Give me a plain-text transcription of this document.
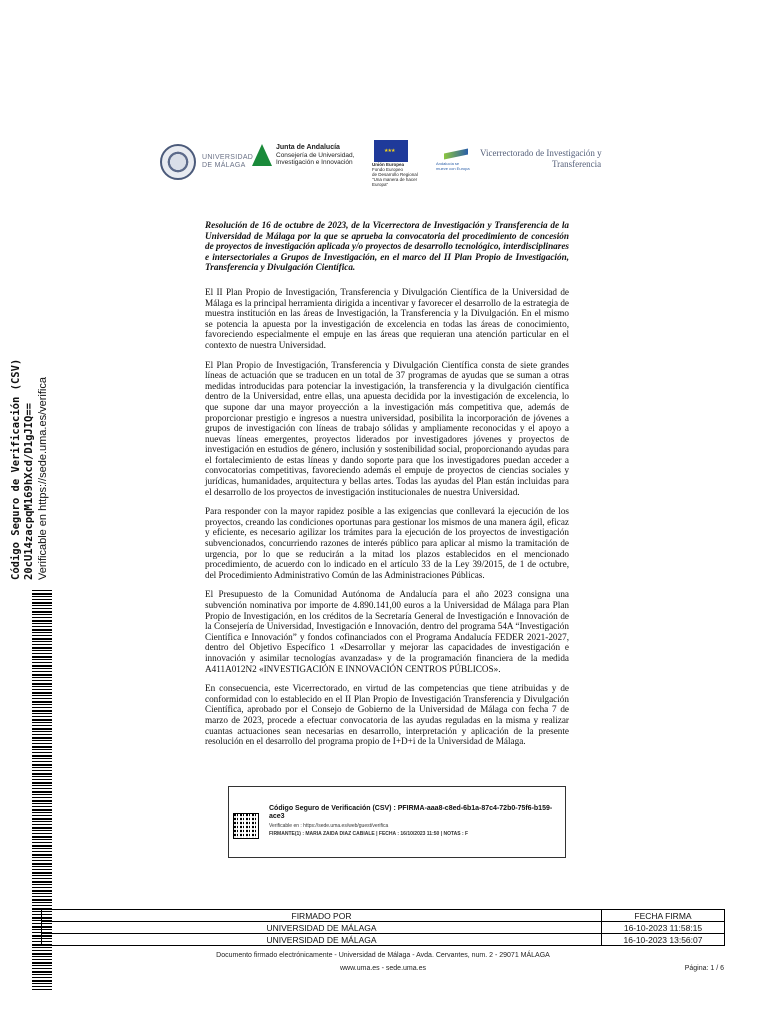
Código Seguro de Verificación (CSV) 20cU14zacpqM169hXcd/D1gJIQ== Verificable en https://sede.uma.es/verifica
UNIVERSIDAD
DE MÁLAGA
Junta de Andalucía
Consejería de Universidad,
Investigación e Innovación
★★★	Unión Europea
Fondo Europeo
de Desarrollo Regional
"Una manera de hacer Europa"
Andalucía se mueve con Europa
Vicerrectorado de Investigación y
Transferencia

Resolución de 16 de octubre de 2023, de la Vicerrectora de Investigación y Transferencia de la Universidad de Málaga por la que se aprueba la convocatoria del procedimiento de concesión de proyectos de investigación aplicada y/o proyectos de desarrollo tecnológico, interdisciplinares e intersectoriales a Grupos de Investigación, en el marco del II Plan Propio de Investigación, Transferencia y Divulgación Científica.

El II Plan Propio de Investigación, Transferencia y Divulgación Científica de la Universidad de Málaga es la principal herramienta dirigida a incentivar y favorecer el desarrollo de la estrategia de muestra institución en las áreas de Investigación, la Transferencia y la Divulgación. En el mismo se potencia la apuesta por la investigación de excelencia en todas las áreas de conocimiento, favoreciendo especialmente el empuje en las áreas que requieran una atención particular en el contexto de nuestra Universidad.

El Plan Propio de Investigación, Transferencia y Divulgación Científica consta de siete grandes líneas de actuación que se traducen en un total de 37 programas de ayudas que se suman a otras medidas introducidas para potenciar la investigación, la transferencia y la divulgación científica dentro de la Universidad, entre ellas, una apuesta decidida por la investigación de excelencia, lo que supone dar una mayor proyección a la investigación más competitiva que, además de proporcionar prestigio e ingresos a nuestra universidad, posibilita la incorporación de jóvenes a grupos de investigación con líneas de trabajo sólidas y ampliamente reconocidas y el apoyo a nuevas líneas emergentes, proyectos liderados por investigadores jóvenes y proyectos de investigación en estudios de género, inclusión y sostenibilidad social, proporcionando ayudas para el fortalecimiento de estas líneas y dando soporte para que los investigadores puedan acceder a convocatorias competitivas, favoreciendo además el empuje de proyectos de ciencias sociales y jurídicas, humanidades, arquitectura y bellas artes. Todas las ayudas del Plan están incluidas para el desarrollo de los proyectos de investigación institucionales de nuestra Universidad.

Para responder con la mayor rapidez posible a las exigencias que conllevará la ejecución de los proyectos, creando las condiciones oportunas para gestionar los mismos de una manera ágil, eficaz y eficiente, es necesario agilizar los trámites para la ejecución de los proyectos de investigación subvencionados, concurriendo razones de interés público para aplicar al mismo la tramitación de urgencia, por lo que se reducirán a la mitad los plazos establecidos en el mencionado procedimiento, de acuerdo con lo indicado en el artículo 33 de la Ley 39/2015, de 1 de octubre, del Procedimiento Administrativo Común de las Administraciones Públicas.

El Presupuesto de la Comunidad Autónoma de Andalucía para el año 2023 consigna una subvención nominativa por importe de 4.890.141,00 euros a la Universidad de Málaga para Plan Propio de Investigación, en los créditos de la Secretaría General de Investigación e Innovación de la Consejería de Universidad, Investigación e Innovación, dentro del programa 54A “Investigación Científica e Innovación” y fondos cofinanciados con el Programa Andalucía FEDER 2021-2027, dentro del Objetivo Específico 1 «Desarrollar y mejorar las capacidades de investigación e innovación y asimilar tecnologías avanzadas» y de la programación financiera de la medida A411A012N2 «INVESTIGACIÓN E INNOVACIÓN CENTROS PÚBLICOS».

En consecuencia, este Vicerrectorado, en virtud de las competencias que tiene atribuidas y de conformidad con lo establecido en el II Plan Propio de Investigación Transferencia y Divulgación Científica, aprobado por el Consejo de Gobierno de la Universidad de Málaga con fecha 7 de marzo de 2023, procede a efectuar convocatoria de las ayudas reguladas en la misma y realizar cuantas actuaciones sean necesarias en desarrollo, interpretación y aplicación de la presente resolución en el desarrollo del programa propio de I+D+i de la Universidad de Málaga.

Código Seguro de Verificación (CSV) : PFIRMA-aaa8-c8ed-6b1a-87c4-72b0-75f6-b159-ace3
Verificable en : https://sede.uma.es/web/guest/verifica
FIRMANTE(1) : MARIA ZAIDA DIAZ CABIALE | FECHA : 16/10/2023 11:50 | NOTAS : F
FIRMADO POR	FECHA FIRMA
UNIVERSIDAD DE MÁLAGA	16-10-2023 11:58:15
UNIVERSIDAD DE MÁLAGA	16-10-2023 13:56:07
Documento firmado electrónicamente - Universidad de Málaga - Avda. Cervantes, num. 2 - 29071 MÁLAGA
www.uma.es - sede.uma.es	Página: 1 / 6
